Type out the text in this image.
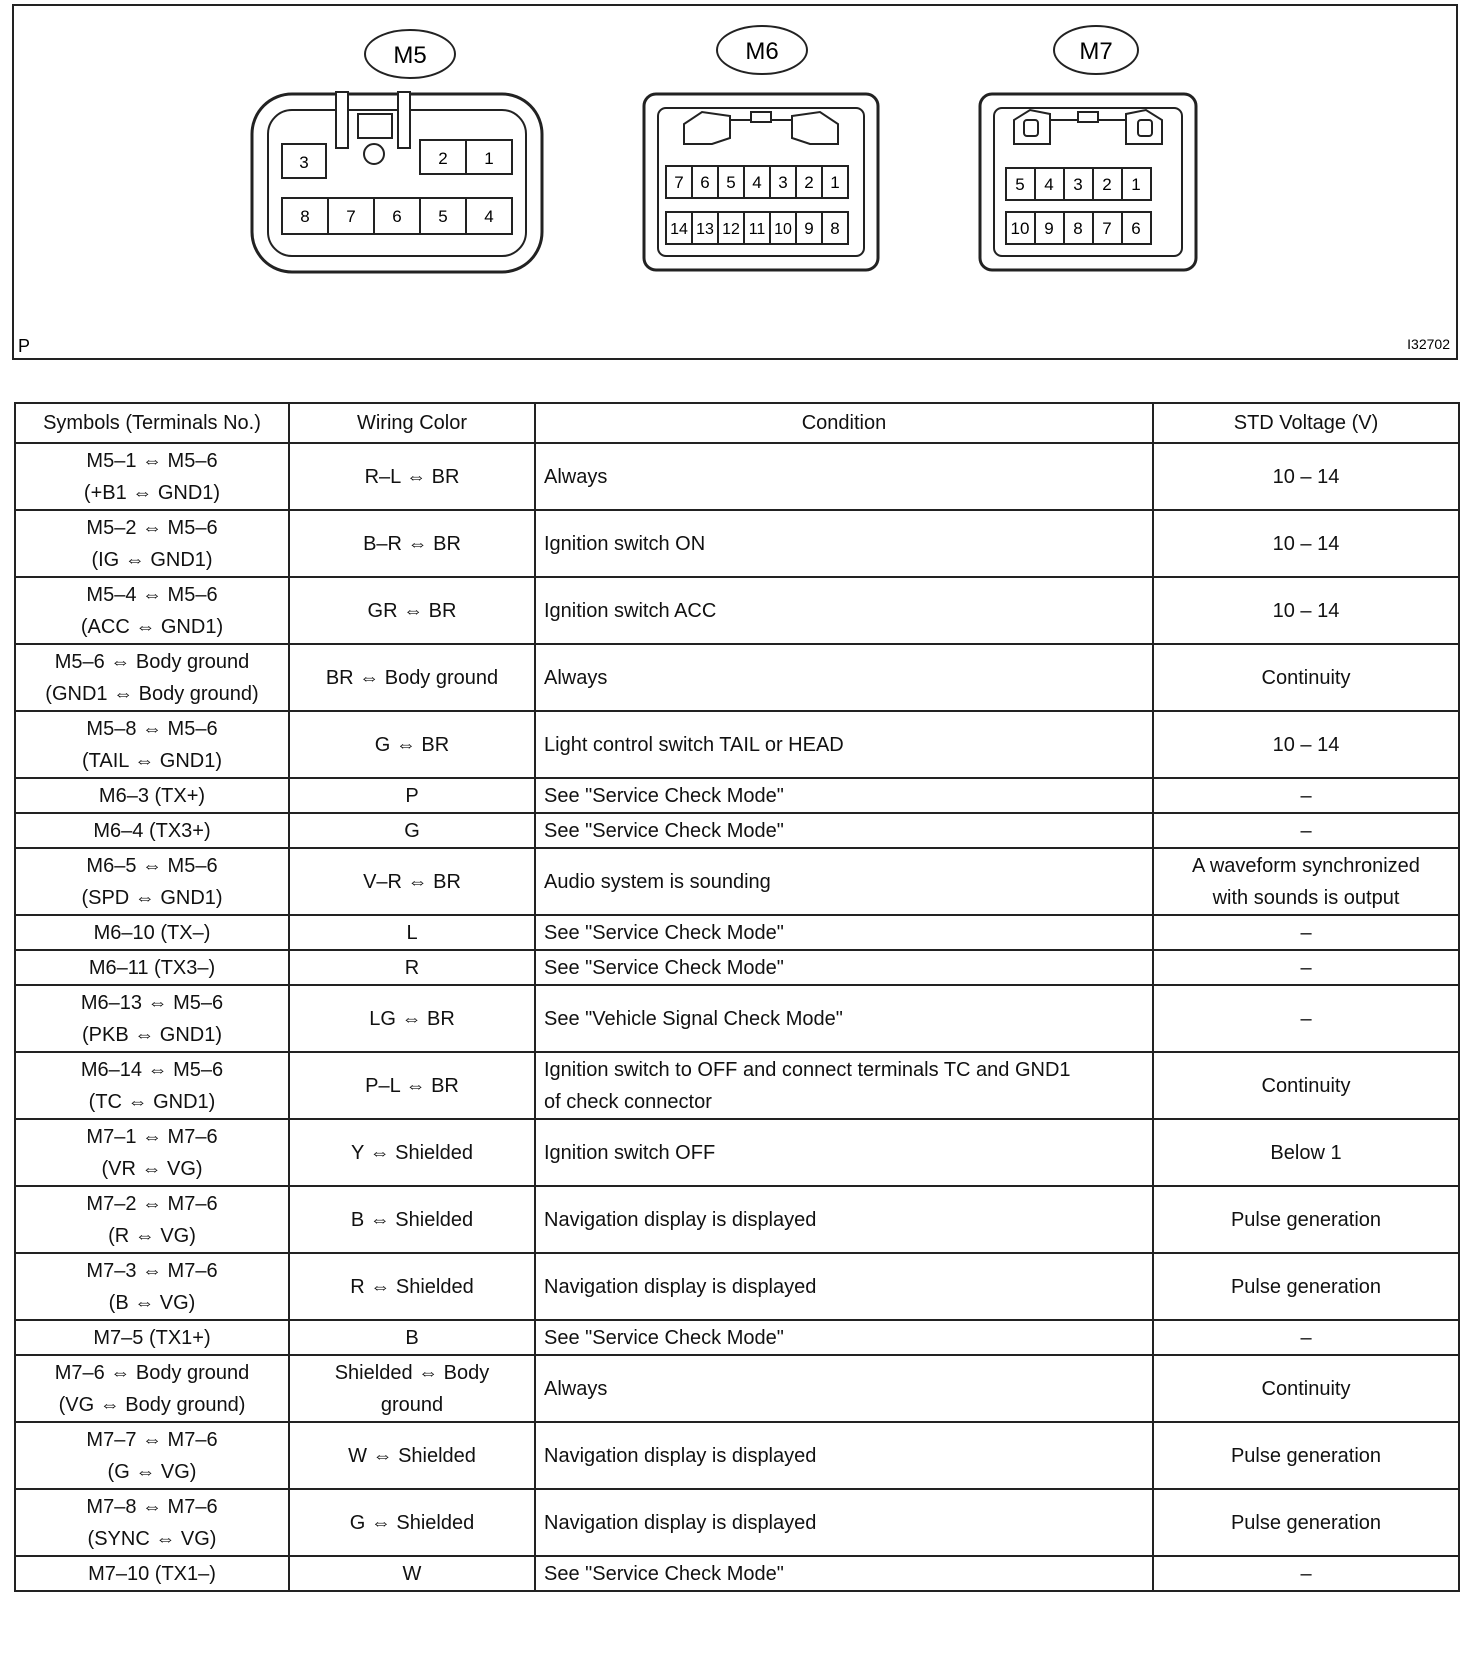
M5
3	2 1
8 7 6 5 4
M6
7 6 5 4 3 2 1
14 13 12 11 10 9 8
M7
5 4 3 2 1
10 9 8 7 6
P	I32702
Symbols (Terminals No.)	Wiring Color	Condition	STD Voltage (V)

M5–1 ⇔ M5–6
(+B1 ⇔ GND1)	R–L ⇔ BR	Always	10 – 14

M5–2 ⇔ M5–6
(IG ⇔ GND1)	B–R ⇔ BR	Ignition switch ON	10 – 14

M5–4 ⇔ M5–6
(ACC ⇔ GND1)	GR ⇔ BR	Ignition switch ACC	10 – 14

M5–6 ⇔ Body ground
(GND1 ⇔ Body ground)	BR ⇔ Body ground	Always	Continuity

M5–8 ⇔ M5–6
(TAIL ⇔ GND1)	G ⇔ BR	Light control switch TAIL or HEAD	10 – 14

M6–3 (TX+)	P	See "Service Check Mode"	–

M6–4 (TX3+)	G	See "Service Check Mode"	–

M6–5 ⇔ M5–6
(SPD ⇔ GND1)	V–R ⇔ BR	Audio system is sounding	A waveform synchronized
with sounds is output

M6–10 (TX–)	L	See "Service Check Mode"	–

M6–11 (TX3–)	R	See "Service Check Mode"	–

M6–13 ⇔ M5–6
(PKB ⇔ GND1)	LG ⇔ BR	See "Vehicle Signal Check Mode"	–

M6–14 ⇔ M5–6
(TC ⇔ GND1)	P–L ⇔ BR	Ignition switch to OFF and connect terminals TC and GND1
of check connector	Continuity

M7–1 ⇔ M7–6
(VR ⇔ VG)	Y ⇔ Shielded	Ignition switch OFF	Below 1

M7–2 ⇔ M7–6
(R ⇔ VG)	B ⇔ Shielded	Navigation display is displayed	Pulse generation

M7–3 ⇔ M7–6
(B ⇔ VG)	R ⇔ Shielded	Navigation display is displayed	Pulse generation

M7–5 (TX1+)	B	See "Service Check Mode"	–

M7–6 ⇔ Body ground
(VG ⇔ Body ground)	Shielded ⇔ Body
ground	Always	Continuity

M7–7 ⇔ M7–6
(G ⇔ VG)	W ⇔ Shielded	Navigation display is displayed	Pulse generation

M7–8 ⇔ M7–6
(SYNC ⇔ VG)	G ⇔ Shielded	Navigation display is displayed	Pulse generation

M7–10 (TX1–)	W	See "Service Check Mode"	–
